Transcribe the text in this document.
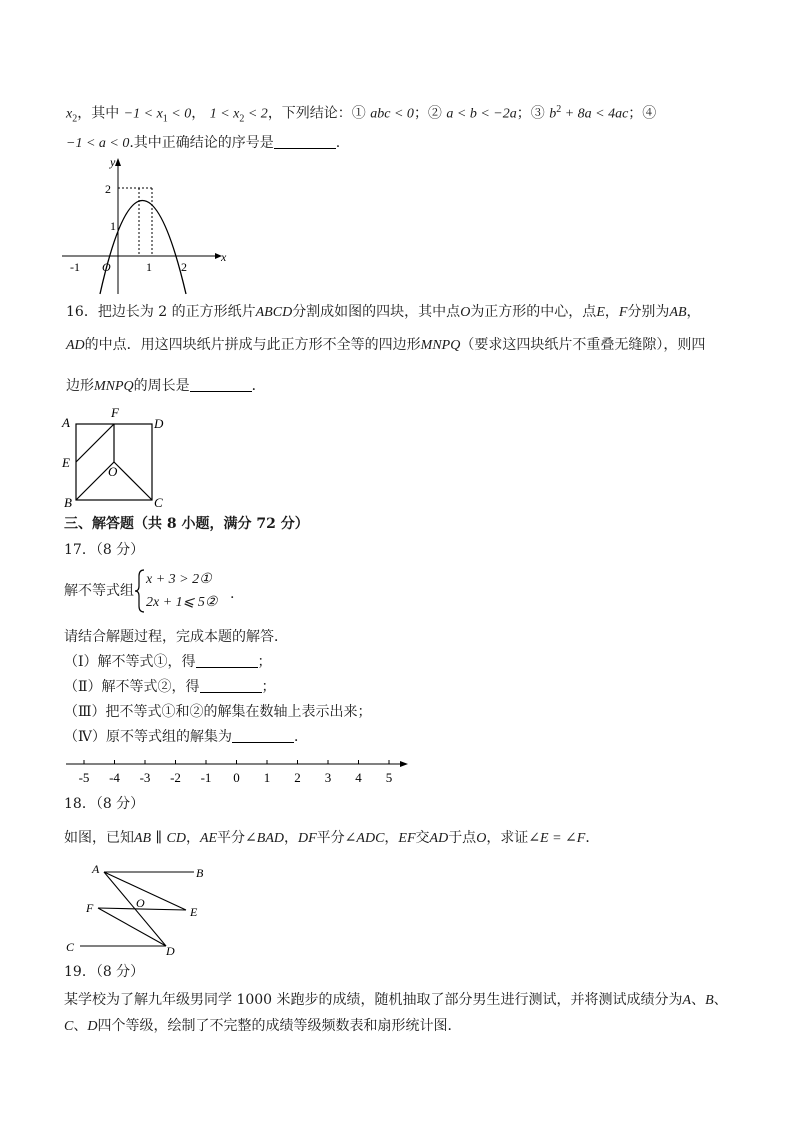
$x_2$，其中 $-1 < x_1 < 0$， $1 < x_2 < 2$，下列结论：① abc < 0；② a < b < −2a；③ $b^2 + 8a < 4ac$；④
−1 < a < 0.其中正确结论的序号是	.
y
x
2
1
-1 O	1 2
16．把边长为 2 的正方形纸片ABCD分割成如图的四块，其中点O为正方形的中心，点E，F分别为AB，
AD的中点．用这四块纸片拼成与此正方形不全等的四边形MNPQ（要求这四块纸片不重叠无缝隙），则四
边形MNPQ的周长是	．
A
F
D
E
O
B	C
三、解答题（共 8 小题，满分 72 分）
17．（8 分）
解不等式组
x + 3 > 2①
2x + 1⩽ 5②
.
请结合解题过程，完成本题的解答．
（Ⅰ）解不等式①，得	；
（Ⅱ）解不等式②，得	；
（Ⅲ）把不等式①和②的解集在数轴上表示出来；
（Ⅳ）原不等式组的解集为	．
-5 -4 -3 -2 -1 0 1 2 3 4 5
18．（8 分）
如图，已知AB ∥ CD，AE平分∠BAD，DF平分∠ADC，EF交AD于点O，求证∠E = ∠F．
A	B
O
F	E
C	D
19．（8 分）
某学校为了解九年级男同学 1000 米跑步的成绩，随机抽取了部分男生进行测试，并将测试成绩分为A、B、
C、D四个等级，绘制了不完整的成绩等级频数表和扇形统计图．
